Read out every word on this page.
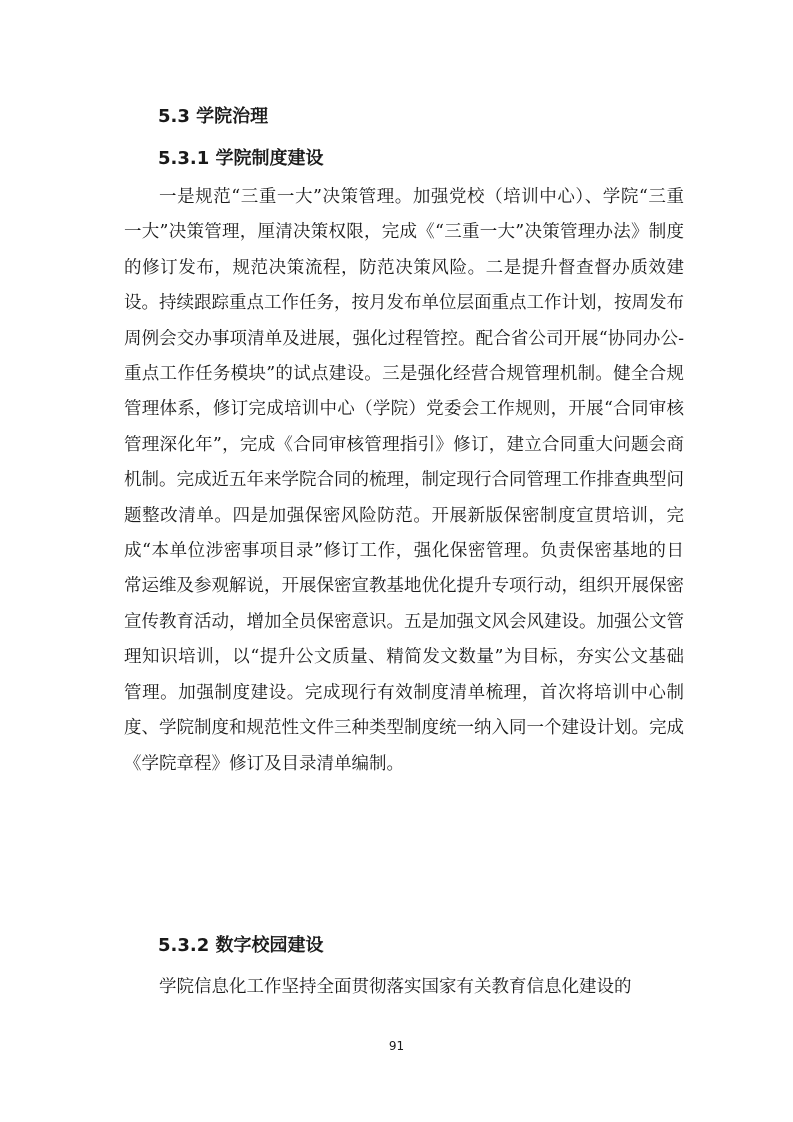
5.3 学院治理
5.3.1 学院制度建设

一是规范“三重一大”决策管理。加强党校（培训中心）、学院“三重一大”决策管理，厘清决策权限，完成《“三重一大”决策管理办法》制度的修订发布，规范决策流程，防范决策风险。二是提升督查督办质效建设。持续跟踪重点工作任务，按月发布单位层面重点工作计划，按周发布周例会交办事项清单及进展，强化过程管控。配合省公司开展“协同办公-重点工作任务模块”的试点建设。三是强化经营合规管理机制。健全合规管理体系，修订完成培训中心（学院）党委会工作规则，开展“合同审核管理深化年”，完成《合同审核管理指引》修订，建立合同重大问题会商机制。完成近五年来学院合同的梳理，制定现行合同管理工作排查典型问题整改清单。四是加强保密风险防范。开展新版保密制度宣贯培训，完成“本单位涉密事项目录”修订工作，强化保密管理。负责保密基地的日常运维及参观解说，开展保密宣教基地优化提升专项行动，组织开展保密宣传教育活动，增加全员保密意识。五是加强文风会风建设。加强公文管理知识培训，以“提升公文质量、精简发文数量”为目标，夯实公文基础管理。加强制度建设。完成现行有效制度清单梳理，首次将培训中心制度、学院制度和规范性文件三种类型制度统一纳入同一个建设计划。完成《学院章程》修订及目录清单编制。

5.3.2 数字校园建设

学院信息化工作坚持全面贯彻落实国家有关教育信息化建设的

91
